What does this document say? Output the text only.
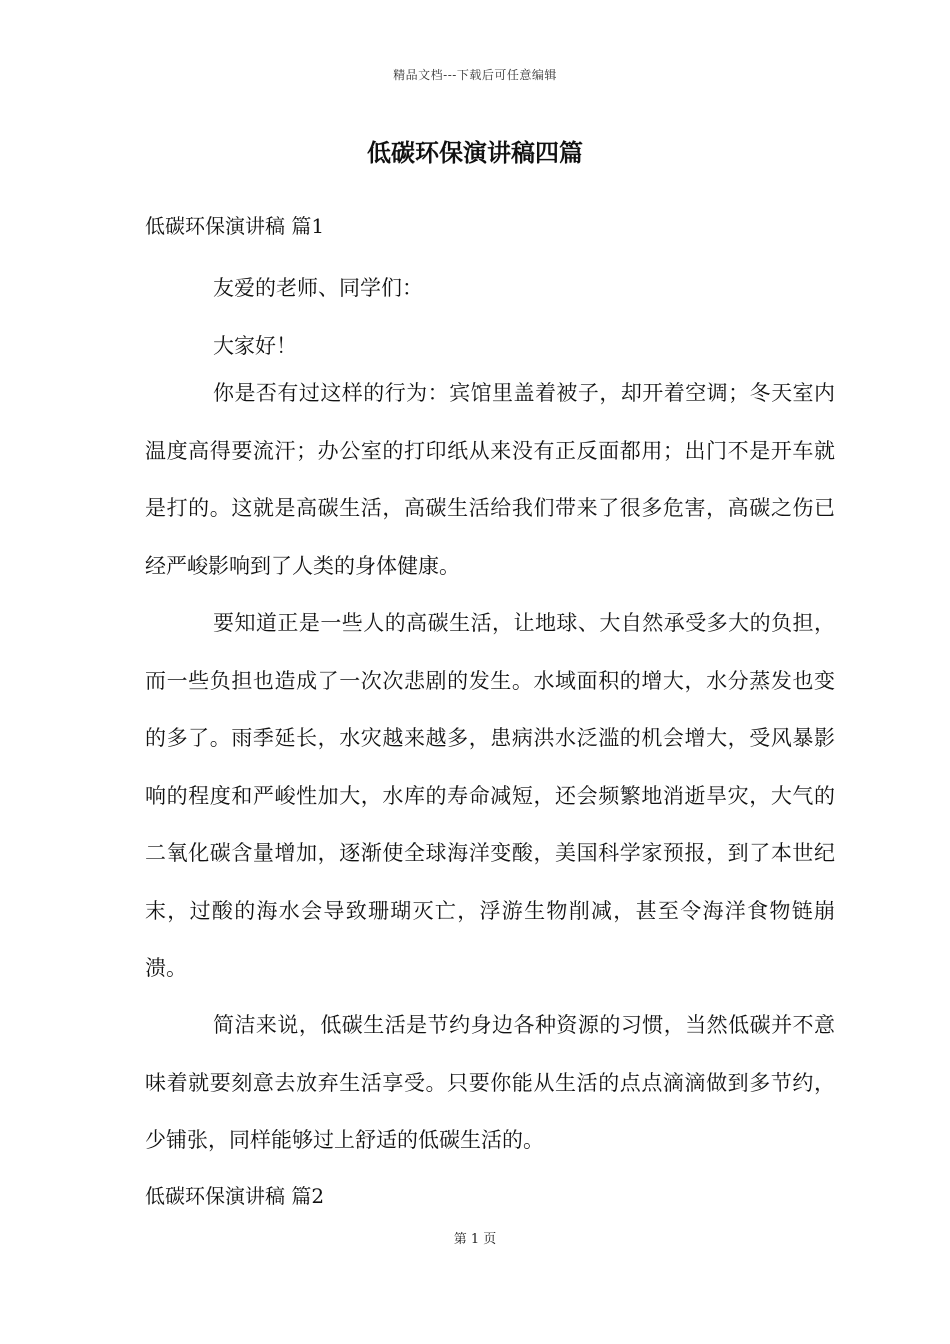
精品文档---下载后可任意编辑
低碳环保演讲稿四篇
低碳环保演讲稿 篇1

友爱的老师、同学们：

大家好！

你是否有过这样的行为：宾馆里盖着被子，却开着空调；冬天室内温度高得要流汗；办公室的打印纸从来没有正反面都用；出门不是开车就是打的。这就是高碳生活，高碳生活给我们带来了很多危害，高碳之伤已经严峻影响到了人类的身体健康。

要知道正是一些人的高碳生活，让地球、大自然承受多大的负担，而一些负担也造成了一次次悲剧的发生。水域面积的增大，水分蒸发也变的多了。雨季延长，水灾越来越多，患病洪水泛滥的机会增大，受风暴影响的程度和严峻性加大，水库的寿命减短，还会频繁地消逝旱灾，大气的二氧化碳含量增加，逐渐使全球海洋变酸，美国科学家预报，到了本世纪末，过酸的海水会导致珊瑚灭亡，浮游生物削减，甚至令海洋食物链崩溃。

简洁来说，低碳生活是节约身边各种资源的习惯，当然低碳并不意味着就要刻意去放弃生活享受。只要你能从生活的点点滴滴做到多节约，少铺张，同样能够过上舒适的低碳生活的。

低碳环保演讲稿 篇2
第 1 页
